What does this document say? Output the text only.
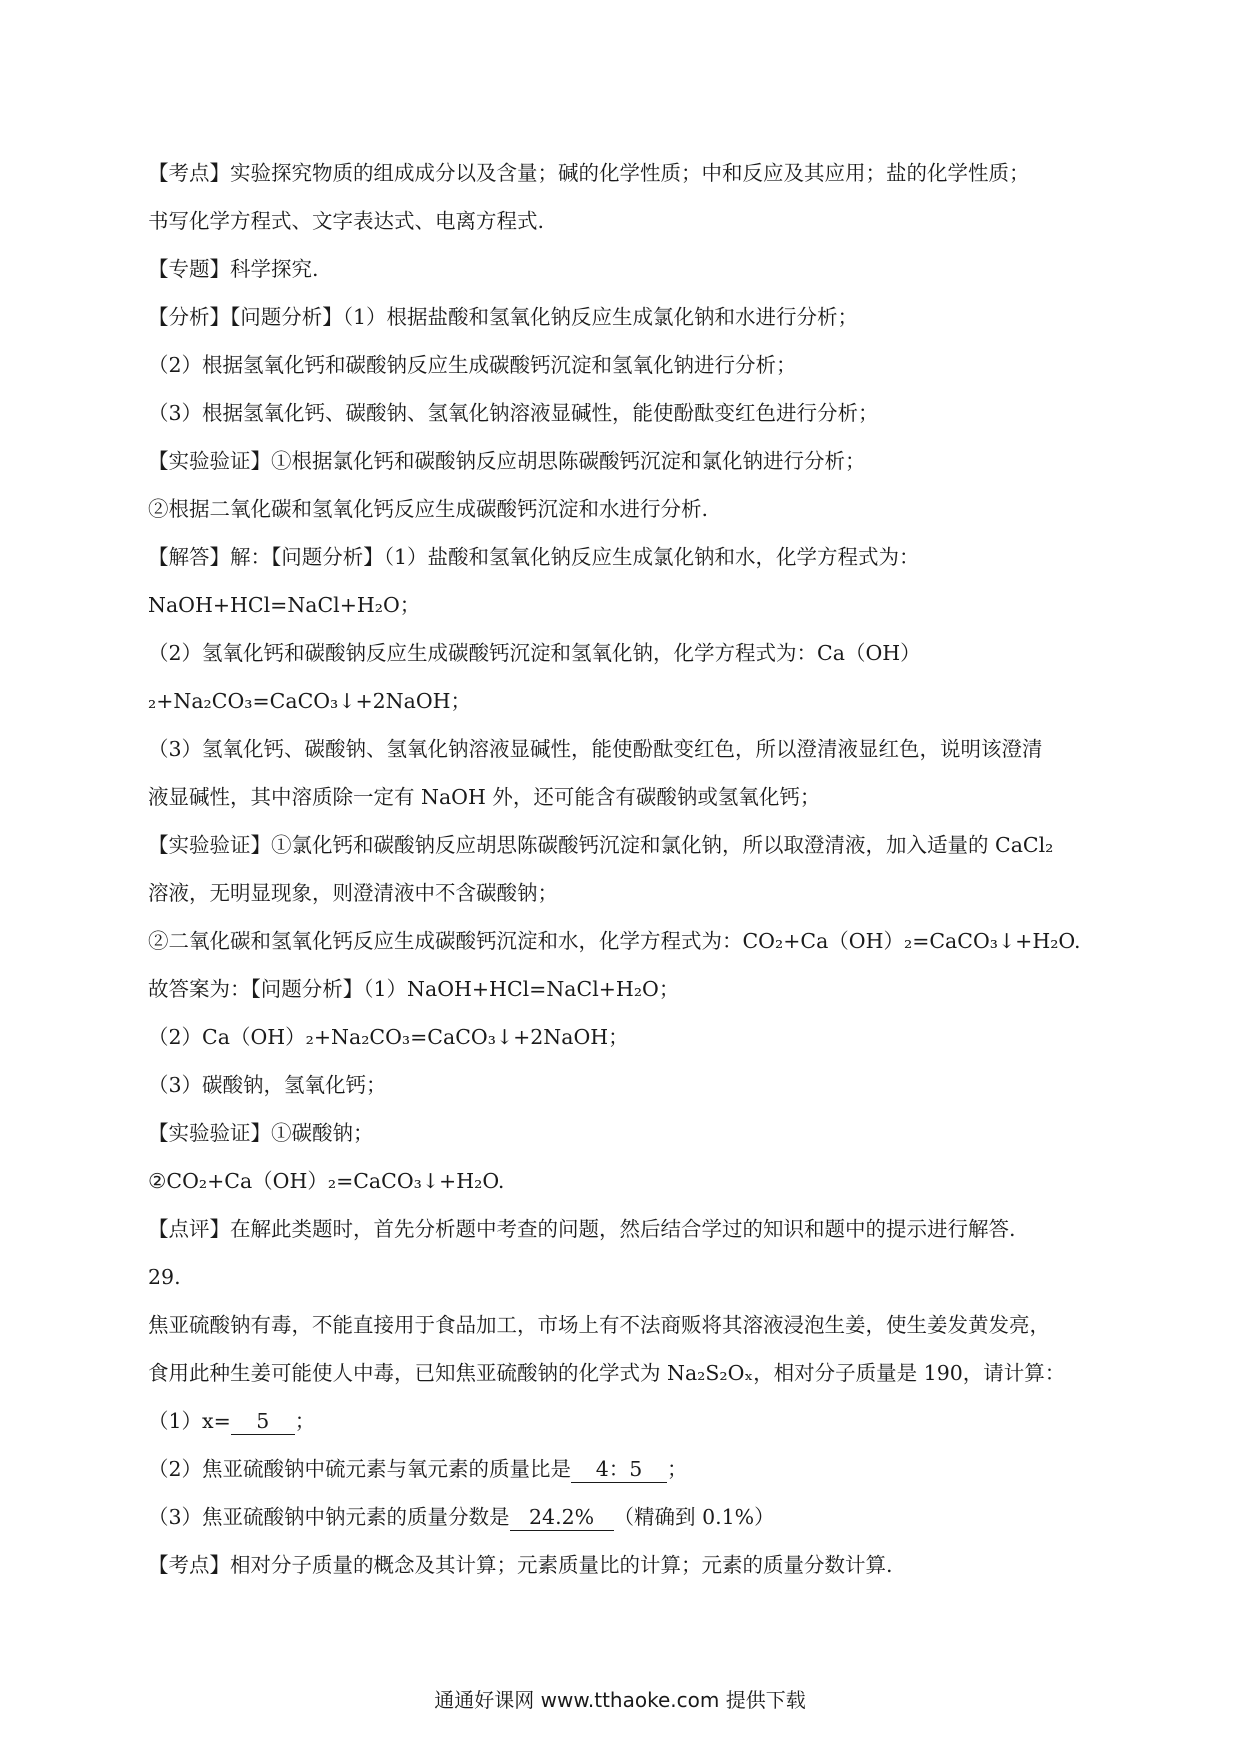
【考点】实验探究物质的组成成分以及含量；碱的化学性质；中和反应及其应用；盐的化学性质；
书写化学方程式、文字表达式、电离方程式.
【专题】科学探究.
【分析】【问题分析】（1）根据盐酸和氢氧化钠反应生成氯化钠和水进行分析；
（2）根据氢氧化钙和碳酸钠反应生成碳酸钙沉淀和氢氧化钠进行分析；
（3）根据氢氧化钙、碳酸钠、氢氧化钠溶液显碱性，能使酚酞变红色进行分析；
【实验验证】①根据氯化钙和碳酸钠反应胡思陈碳酸钙沉淀和氯化钠进行分析；
②根据二氧化碳和氢氧化钙反应生成碳酸钙沉淀和水进行分析.
【解答】解：【问题分析】（1）盐酸和氢氧化钠反应生成氯化钠和水，化学方程式为：
NaOH+HCl=NaCl+H₂O；
（2）氢氧化钙和碳酸钠反应生成碳酸钙沉淀和氢氧化钠，化学方程式为：Ca（OH）
₂+Na₂CO₃=CaCO₃↓+2NaOH；
（3）氢氧化钙、碳酸钠、氢氧化钠溶液显碱性，能使酚酞变红色，所以澄清液显红色，说明该澄清
液显碱性，其中溶质除一定有 NaOH 外，还可能含有碳酸钠或氢氧化钙；
【实验验证】①氯化钙和碳酸钠反应胡思陈碳酸钙沉淀和氯化钠，所以取澄清液，加入适量的 CaCl₂
溶液，无明显现象，则澄清液中不含碳酸钠；
②二氧化碳和氢氧化钙反应生成碳酸钙沉淀和水，化学方程式为：CO₂+Ca（OH）₂=CaCO₃↓+H₂O.
故答案为：【问题分析】（1）NaOH+HCl=NaCl+H₂O；
（2）Ca（OH）₂+Na₂CO₃=CaCO₃↓+2NaOH；
（3）碳酸钠，氢氧化钙；
【实验验证】①碳酸钠；
②CO₂+Ca（OH）₂=CaCO₃↓+H₂O.
【点评】在解此类题时，首先分析题中考查的问题，然后结合学过的知识和题中的提示进行解答.
29.
焦亚硫酸钠有毒，不能直接用于食品加工，市场上有不法商贩将其溶液浸泡生姜，使生姜发黄发亮，
食用此种生姜可能使人中毒，已知焦亚硫酸钠的化学式为 Na₂S₂Oₓ，相对分子质量是 190，请计算：
（1）x= 5 ；
（2）焦亚硫酸钠中硫元素与氧元素的质量比是 4：5 ；
（3）焦亚硫酸钠中钠元素的质量分数是 24.2% （精确到 0.1%）
【考点】相对分子质量的概念及其计算；元素质量比的计算；元素的质量分数计算.
通通好课网 www.tthaoke.com 提供下载
